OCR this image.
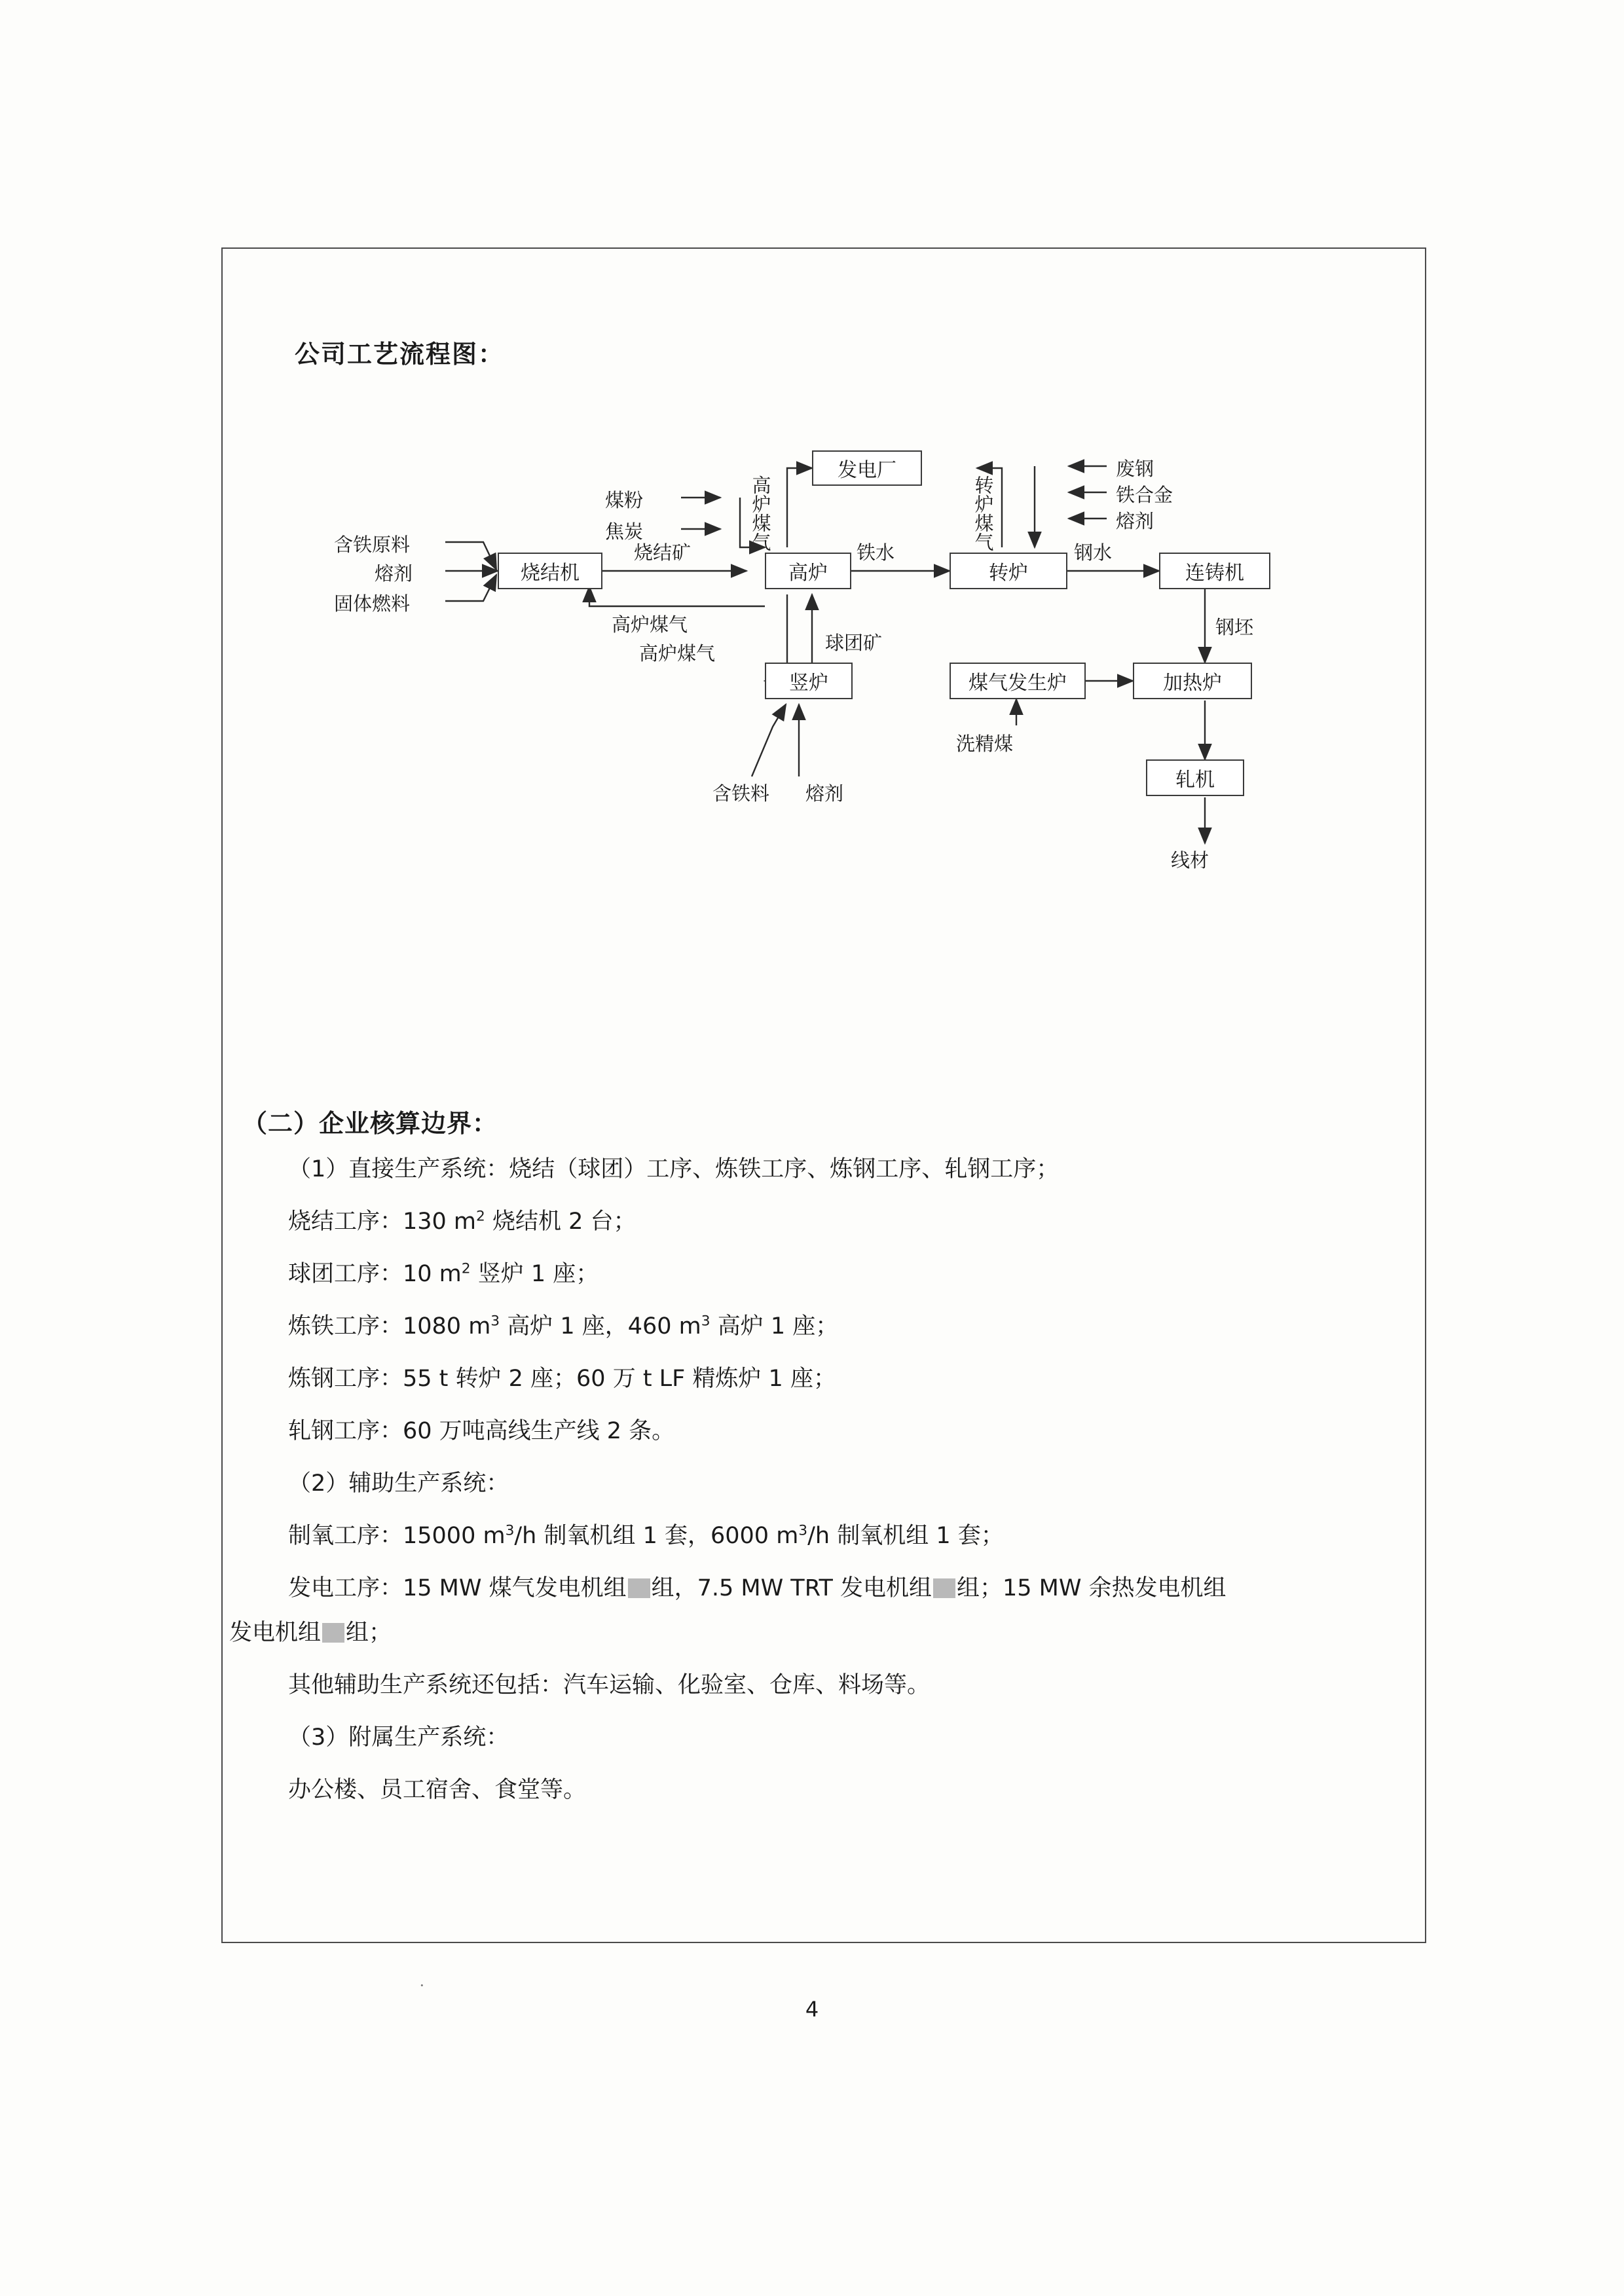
公司工艺流程图：
发电厂
烧结机	高炉	转炉	连铸机
竖炉	煤气发生炉	加热炉
轧机
含铁原料
熔剂
固体燃料
煤粉
焦炭
废钢
铁合金
熔剂
含铁料 熔剂
洗精煤
烧结矿	铁水	钢水
高炉煤气
高炉煤气
高炉煤气	转炉煤气
球团矿
钢坯
线材
（二）企业核算边界：
（1）直接生产系统：烧结（球团）工序、炼铁工序、炼钢工序、轧钢工序；
烧结工序：130 $m^2$ 烧结机 2 台；
球团工序：10 $m^2$ 竖炉 1 座；
炼铁工序：1080 $m^3$ 高炉 1 座，460 $m^3$ 高炉 1 座；
炼钢工序：55 t 转炉 2 座；60 万 t LF 精炼炉 1 座；
轧钢工序：60 万吨高线生产线 2 条。
（2）辅助生产系统：
制氧工序：15000 $m^3/h$ 制氧机组 1 套，6000 $m^3/h$ 制氧机组 1 套；
发电工序：15 MW 煤气发电机组 组，7.5 MW TRT 发电机组 组；15 MW 余热发电机组
发电机组 组；
其他辅助生产系统还包括：汽车运输、化验室、仓库、料场等。
（3）附属生产系统：
办公楼、员工宿舍、食堂等。
·
4
